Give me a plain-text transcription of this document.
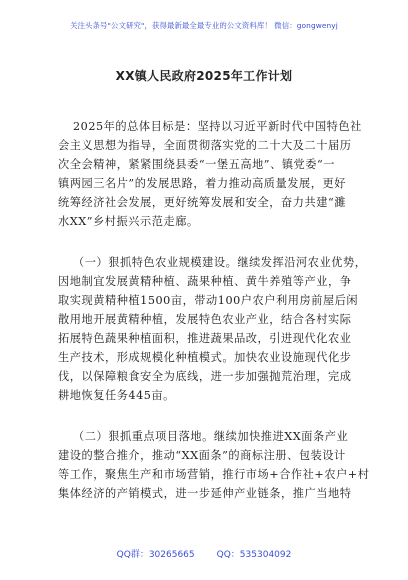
关注头条号"公文研究"，获得最新最全最专业的公文资料库！ 微信：gongwenyj
XX镇人民政府2025年工作计划
2025年的总体目标是：坚持以习近平新时代中国特色社
会主义思想为指导，全面贯彻落实党的二十大及二十届历
次全会精神，紧紧围绕县委“一堡五高地”、镇党委“一
镇两园三名片”的发展思路，着力推动高质量发展，更好
统筹经济社会发展，更好统筹发展和安全，奋力共建“濉
水XX”乡村振兴示范走廊。
（一）狠抓特色农业规模建设。继续发挥沿河农业优势，
因地制宜发展黄精种植、蔬果种植、黄牛养殖等产业，争
取实现黄精种植1500亩，带动100户农户利用房前屋后闲
散用地开展黄精种植，发展特色农业产业，结合各村实际
拓展特色蔬果种植面积，推进蔬果品改，引进现代化农业
生产技术，形成规模化种植模式。加快农业设施现代化步
伐，以保障粮食安全为底线，进一步加强抛荒治理，完成
耕地恢复任务445亩。
（二）狠抓重点项目落地。继续加快推进XX面条产业
建设的整合推介，推动“XX面条”的商标注册、包装设计
等工作，聚焦生产和市场营销，推行市场+合作社+农户+村
集体经济的产销模式，进一步延伸产业链条，推广当地特
QQ群：30265665 QQ：535304092
